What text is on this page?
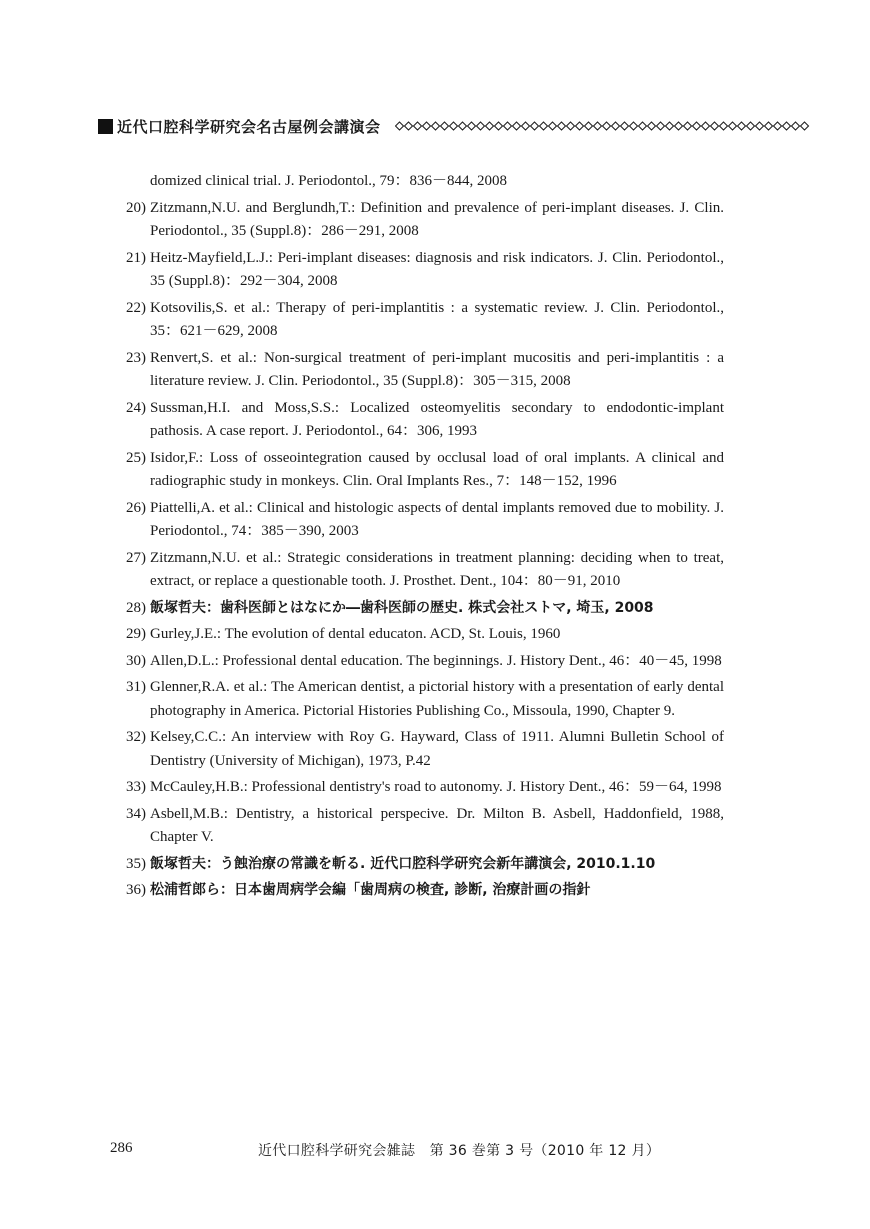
近代口腔科学研究会名古屋例会講演会
domized clinical trial. J. Periodontol., 79：836－844, 2008
20) Zitzmann,N.U. and Berglundh,T.: Definition and prevalence of peri-implant diseases. J. Clin. Periodontol., 35 (Suppl.8)：286－291, 2008
21) Heitz-Mayfield,L.J.: Peri-implant diseases: diagnosis and risk indicators. J. Clin. Periodontol., 35 (Suppl.8)：292－304, 2008
22) Kotsovilis,S. et al.: Therapy of peri-implantitis : a systematic review. J. Clin. Periodontol., 35：621－629, 2008
23) Renvert,S. et al.: Non-surgical treatment of peri-implant mucositis and peri-implantitis : a literature review. J. Clin. Periodontol., 35 (Suppl.8)：305－315, 2008
24) Sussman,H.I. and Moss,S.S.: Localized osteomyelitis secondary to endodontic-implant pathosis. A case report. J. Periodontol., 64：306, 1993
25) Isidor,F.: Loss of osseointegration caused by occlusal load of oral implants. A clinical and radiographic study in monkeys. Clin. Oral Implants Res., 7：148－152, 1996
26) Piattelli,A. et al.: Clinical and histologic aspects of dental implants removed due to mobility. J. Periodontol., 74：385－390, 2003
27) Zitzmann,N.U. et al.: Strategic considerations in treatment planning: deciding when to treat, extract, or replace a questionable tooth. J. Prosthet. Dent., 104：80－91, 2010
28) 飯塚哲夫：歯科医師とはなにか―歯科医師の歴史. 株式会社ストマ, 埼玉, 2008
29) Gurley,J.E.: The evolution of dental educaton. ACD, St. Louis, 1960
30) Allen,D.L.: Professional dental education. The beginnings. J. History Dent., 46：40－45, 1998
31) Glenner,R.A. et al.: The American dentist, a pictorial history with a presentation of early dental photography in America. Pictorial Histories Publishing Co., Missoula, 1990, Chapter 9.
32) Kelsey,C.C.: An interview with Roy G. Hayward, Class of 1911. Alumni Bulletin School of Dentistry (University of Michigan), 1973, P.42
33) McCauley,H.B.: Professional dentistry's road to autonomy. J. History Dent., 46：59－64, 1998
34) Asbell,M.B.: Dentistry, a historical perspecive. Dr. Milton B. Asbell, Haddonfield, 1988, Chapter V.
35) 飯塚哲夫：う蝕治療の常識を斬る. 近代口腔科学研究会新年講演会, 2010.1.10
36) 松浦哲郎ら：日本歯周病学会編「歯周病の検査, 診断, 治療計画の指針
286	近代口腔科学研究会雑誌　第 36 巻第 3 号（2010 年 12 月）
